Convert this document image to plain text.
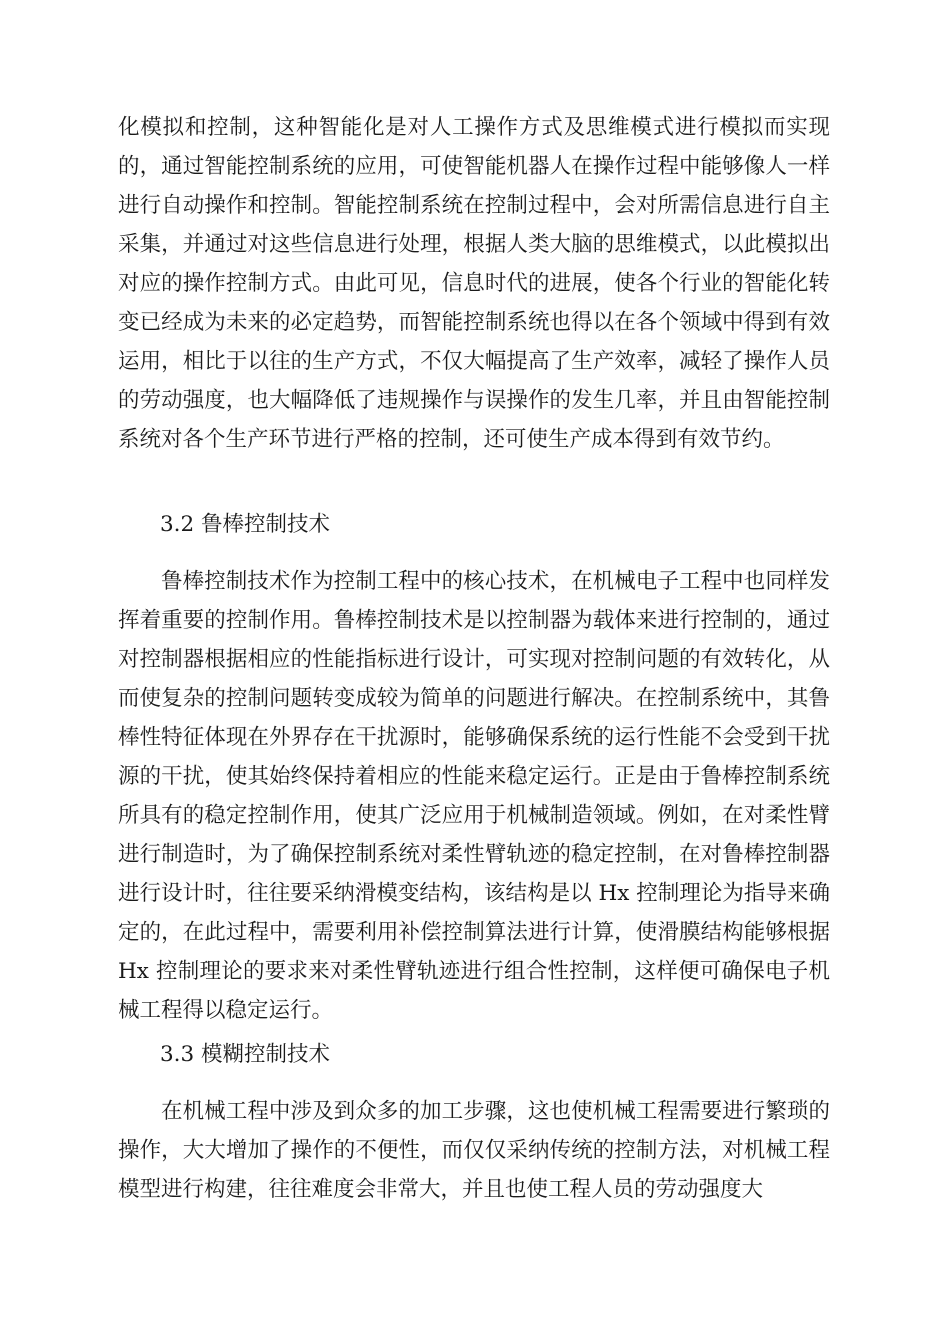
化模拟和控制，这种智能化是对人工操作方式及思维模式进行模拟而实现的，通过智能控制系统的应用，可使智能机器人在操作过程中能够像人一样进行自动操作和控制。智能控制系统在控制过程中，会对所需信息进行自主采集，并通过对这些信息进行处理，根据人类大脑的思维模式，以此模拟出对应的操作控制方式。由此可见，信息时代的进展，使各个行业的智能化转变已经成为未来的必定趋势，而智能控制系统也得以在各个领域中得到有效运用，相比于以往的生产方式，不仅大幅提高了生产效率，减轻了操作人员的劳动强度，也大幅降低了违规操作与误操作的发生几率，并且由智能控制系统对各个生产环节进行严格的控制，还可使生产成本得到有效节约。

3.2 鲁棒控制技术

鲁棒控制技术作为控制工程中的核心技术，在机械电子工程中也同样发挥着重要的控制作用。鲁棒控制技术是以控制器为载体来进行控制的，通过对控制器根据相应的性能指标进行设计，可实现对控制问题的有效转化，从而使复杂的控制问题转变成较为简单的问题进行解决。在控制系统中，其鲁棒性特征体现在外界存在干扰源时，能够确保系统的运行性能不会受到干扰源的干扰，使其始终保持着相应的性能来稳定运行。正是由于鲁棒控制系统所具有的稳定控制作用，使其广泛应用于机械制造领域。例如，在对柔性臂进行制造时，为了确保控制系统对柔性臂轨迹的稳定控制，在对鲁棒控制器进行设计时，往往要采纳滑模变结构，该结构是以 Hx 控制理论为指导来确定的，在此过程中，需要利用补偿控制算法进行计算，使滑膜结构能够根据 Hx 控制理论的要求来对柔性臂轨迹进行组合性控制，这样便可确保电子机械工程得以稳定运行。

3.3 模糊控制技术

在机械工程中涉及到众多的加工步骤，这也使机械工程需要进行繁琐的操作，大大增加了操作的不便性，而仅仅采纳传统的控制方法，对机械工程模型进行构建，往往难度会非常大，并且也使工程人员的劳动强度大
